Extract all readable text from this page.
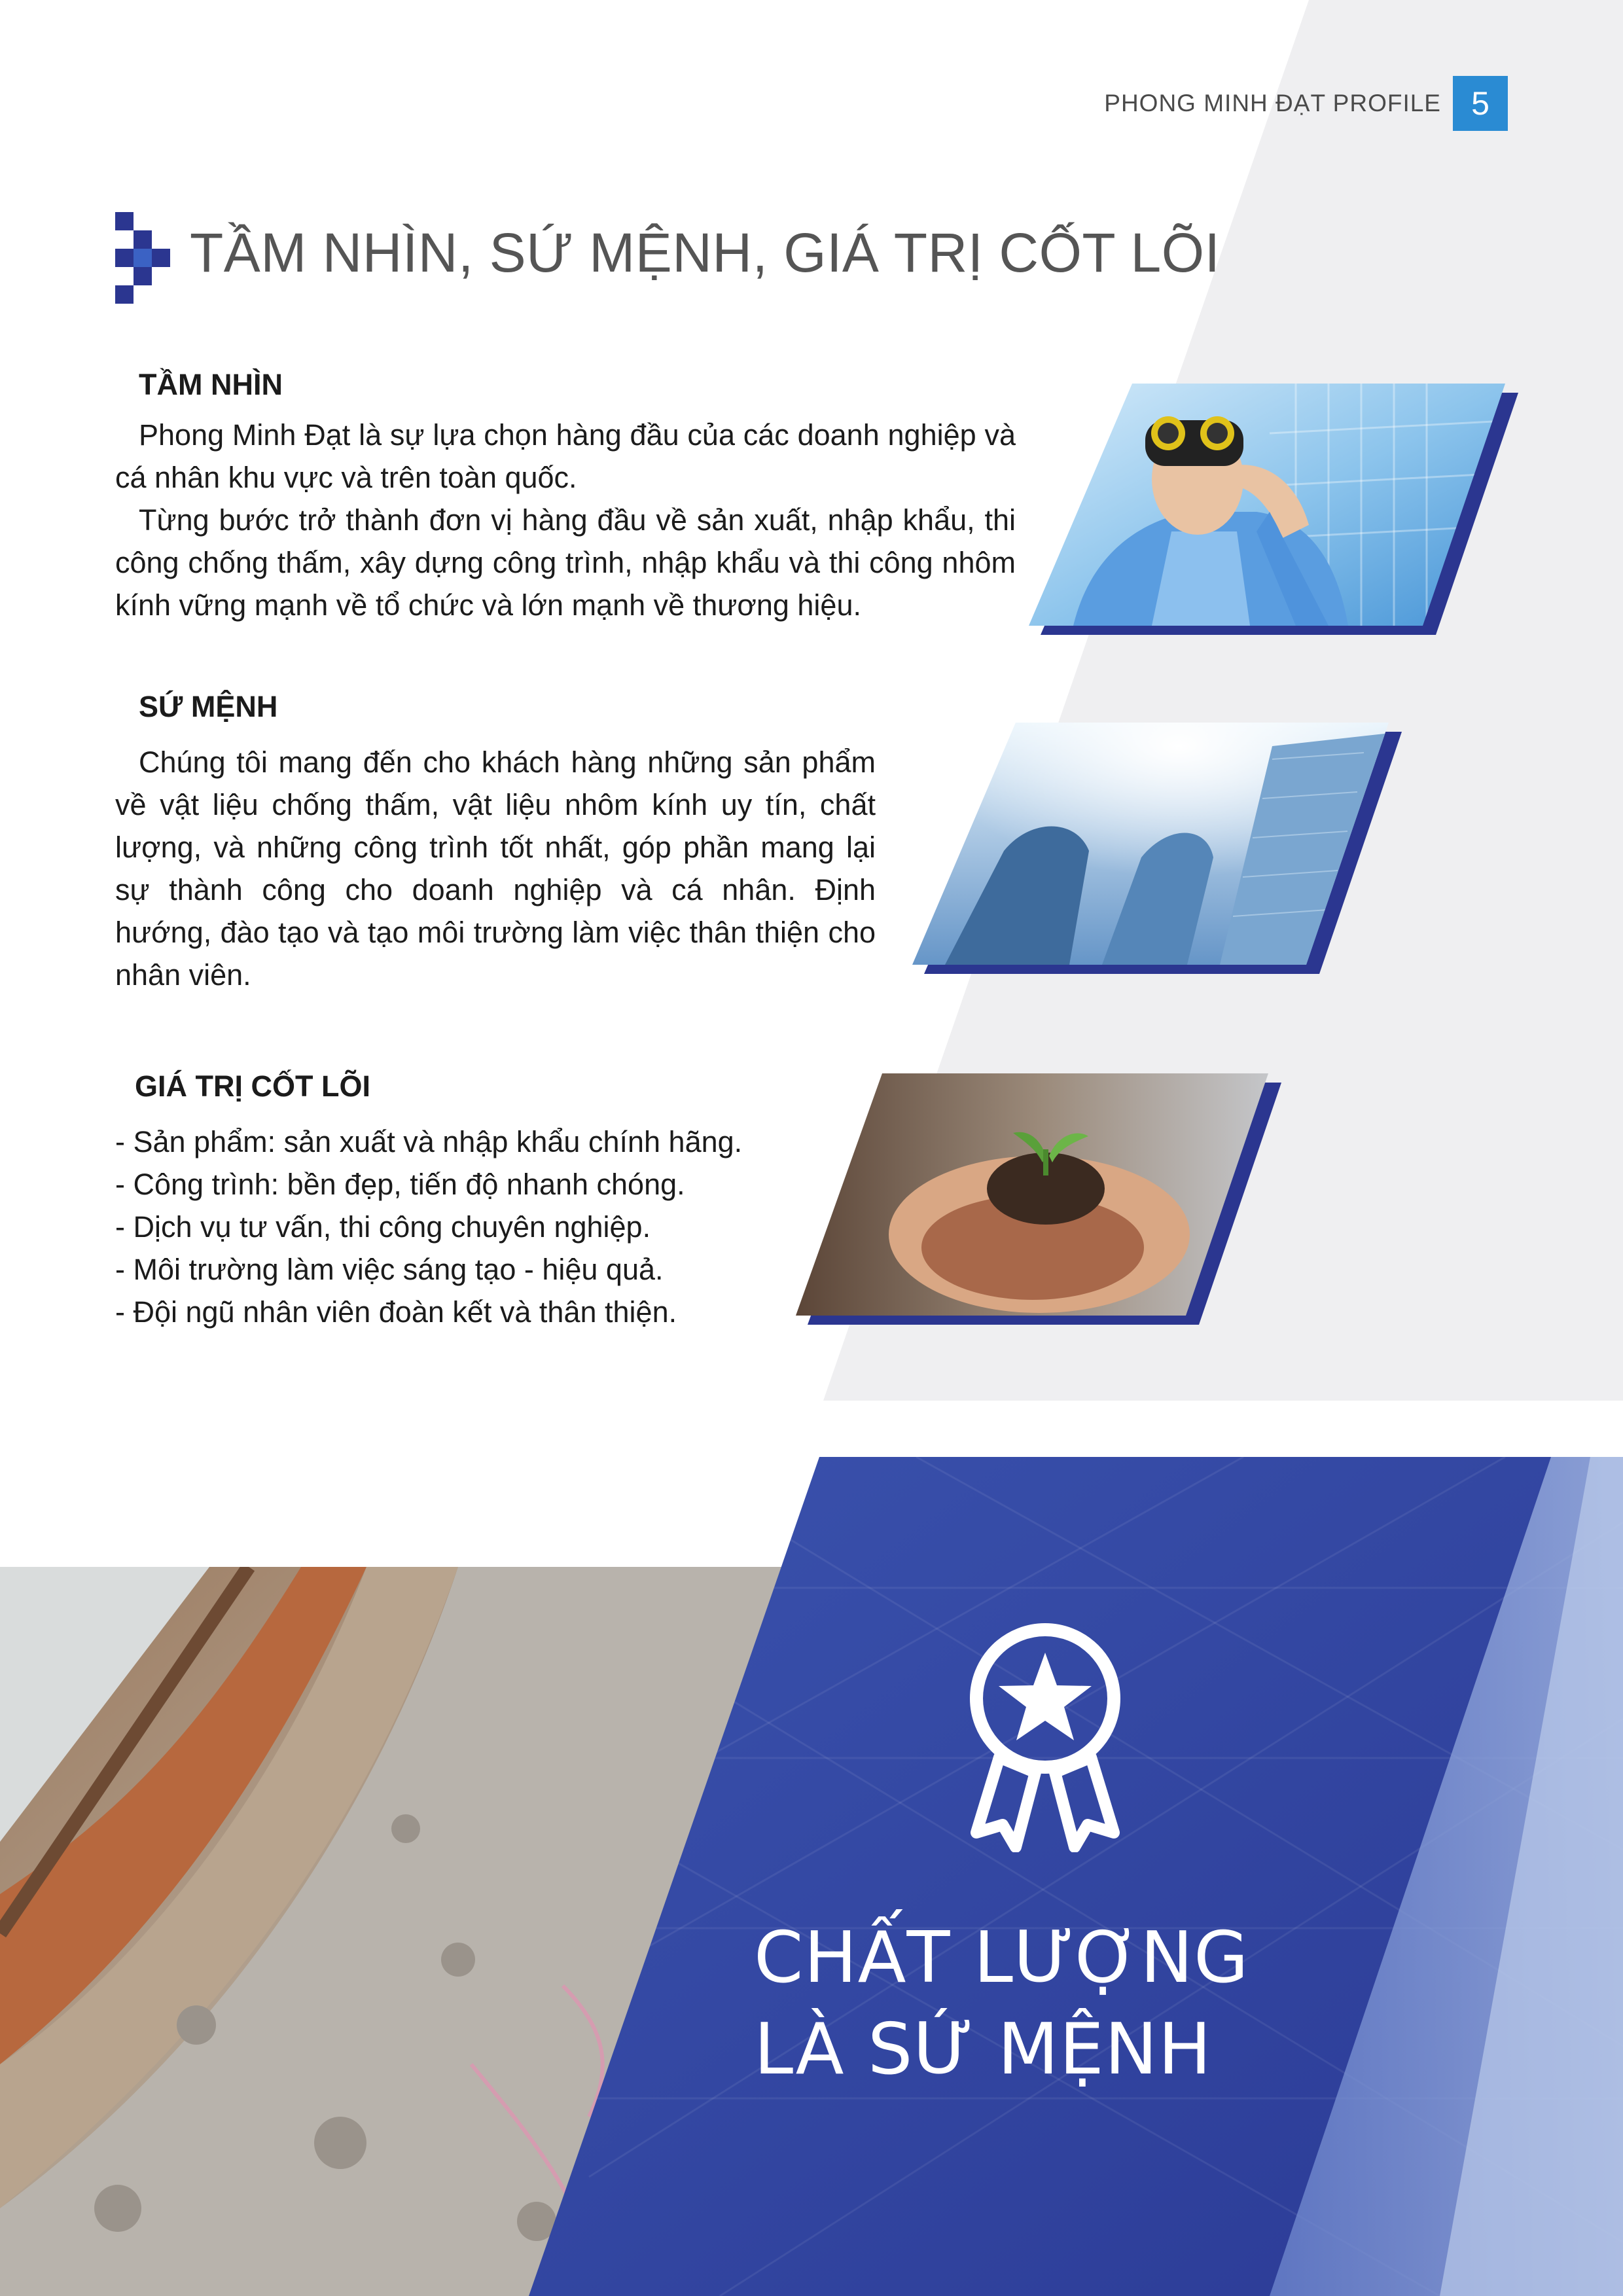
PHONG MINH ĐẠT PROFILE 5
TẦM NHÌN, SỨ MỆNH, GIÁ TRỊ CỐT LÕI
TẦM NHÌN

Phong Minh Đạt là sự lựa chọn hàng đầu của các doanh nghiệp và cá nhân khu vực và trên toàn quốc.

Từng bước trở thành đơn vị hàng đầu về sản xuất, nhập khẩu, thi công chống thấm, xây dựng công trình, nhập khẩu và thi công nhôm kính vững mạnh về tổ chức và lớn mạnh về thương hiệu.

SỨ MỆNH

Chúng tôi mang đến cho khách hàng những sản phẩm về vật liệu chống thấm, vật liệu nhôm kính uy tín, chất lượng, và những công trình tốt nhất, góp phần mang lại sự thành công cho doanh nghiệp và cá nhân. Định hướng, đào tạo và tạo môi trường làm việc thân thiện cho nhân viên.

GIÁ TRỊ CỐT LÕI
- Sản phẩm: sản xuất và nhập khẩu chính hãng.
- Công trình: bền đẹp, tiến độ nhanh chóng.
- Dịch vụ tư vấn, thi công chuyên nghiệp.
- Môi trường làm việc sáng tạo - hiệu quả.
- Đội ngũ nhân viên đoàn kết và thân thiện.
CHẤT LƯỢNG
LÀ SỨ MỆNH
